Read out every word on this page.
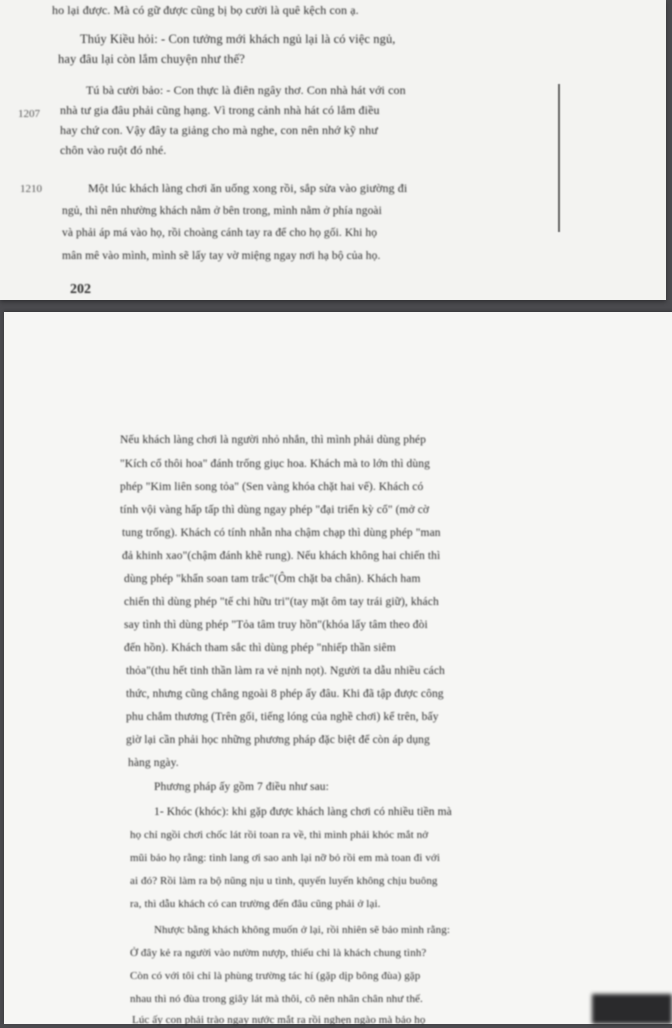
ho lại được. Mà có gữ được cũng bị bọ cười là quê kệch con ạ.
Thúy Kiều hỏi: - Con tưởng mới khách ngủ lại là có việc ngủ,
hay đâu lại còn lắm chuyện như thế?
Tú bà cười bảo: - Con thực là điên ngây thơ. Con nhà hát với con
nhà tư gia đâu phải cũng hạng. Vì trong cảnh nhà hát có lắm điều
hay chứ con. Vậy đây ta giảng cho mà nghe, con nên nhớ kỹ như
chôn vào ruột đó nhé.
Một lúc khách làng chơi ăn uống xong rồi, sắp sửa vào giường đi
ngủ, thì nên nhường khách nằm ở bên trong, mình nằm ở phía ngoài
và phải áp má vào họ, rồi choàng cánh tay ra để cho họ gối. Khi họ
mân mê vào mình, mình sẽ lấy tay vờ miệng ngay nơi hạ bộ của họ.
1207
1210
202
Nếu khách làng chơi là người nhỏ nhắn, thì mình phải dùng phép
"Kích cổ thôi hoa" đánh trống giục hoa. Khách mà to lớn thì dùng
phép "Kim liên song tỏa" (Sen vàng khóa chặt hai vế). Khách có
tính vội vàng hấp tấp thì dùng ngay phép "đại triển kỳ cổ" (mở cờ
tung trống). Khách có tính nhẫn nha chậm chạp thì dùng phép "man
đả khinh xao"(chậm đánh khẽ rung). Nếu khách không hai chiến thì
dùng phép "khẩn soan tam trắc"(Ôm chặt ba chân). Khách ham
chiến thì dùng phép "tế chi hữu tri"(tay mặt ôm tay trái giữ), khách
say tình thì dùng phép "Tỏa tâm truy hồn"(khóa lấy tâm theo đòi
đến hồn). Khách tham sắc thì dùng phép "nhiếp thần siêm
thỏa"(thu hết tinh thần làm ra vẻ nịnh nọt). Người ta dẫu nhiều cách
thức, nhưng cũng chẳng ngoài 8 phép ấy đâu. Khi đã tập được công
phu chắm thương (Trên gối, tiếng lóng của nghề chơi) kể trên, bấy
giờ lại cần phải học những phương pháp đặc biệt để còn áp dụng
hàng ngày.
Phương pháp ấy gồm 7 điều như sau:
1- Khóc (khóc): khi gặp được khách làng chơi có nhiều tiền mà
họ chỉ ngồi chơi chốc lát rồi toan ra về, thì mình phải khóc mắt nở
mũi bảo họ rằng: tình lang ơi sao anh lại nỡ bỏ rồi em mà toan đi với
ai đó? Rồi làm ra bộ nũng nịu u tình, quyến luyến không chịu buông
ra, thì dẫu khách có can trường đến đâu cũng phải ở lại.
Nhược bằng khách không muốn ở lại, rồi nhiên sẽ bảo mình rằng:
Ở đây kẻ ra người vào nườm nượp, thiếu chi là khách chung tình?
Còn có với tôi chỉ là phùng trường tác hí (gặp dịp bông đùa) gặp
nhau thì nó đùa trong giây lát mà thôi, cô nên nhân chân như thế.
Lúc ấy con phải trào ngay nước mắt ra rồi nghẹn ngào mà bảo họ
